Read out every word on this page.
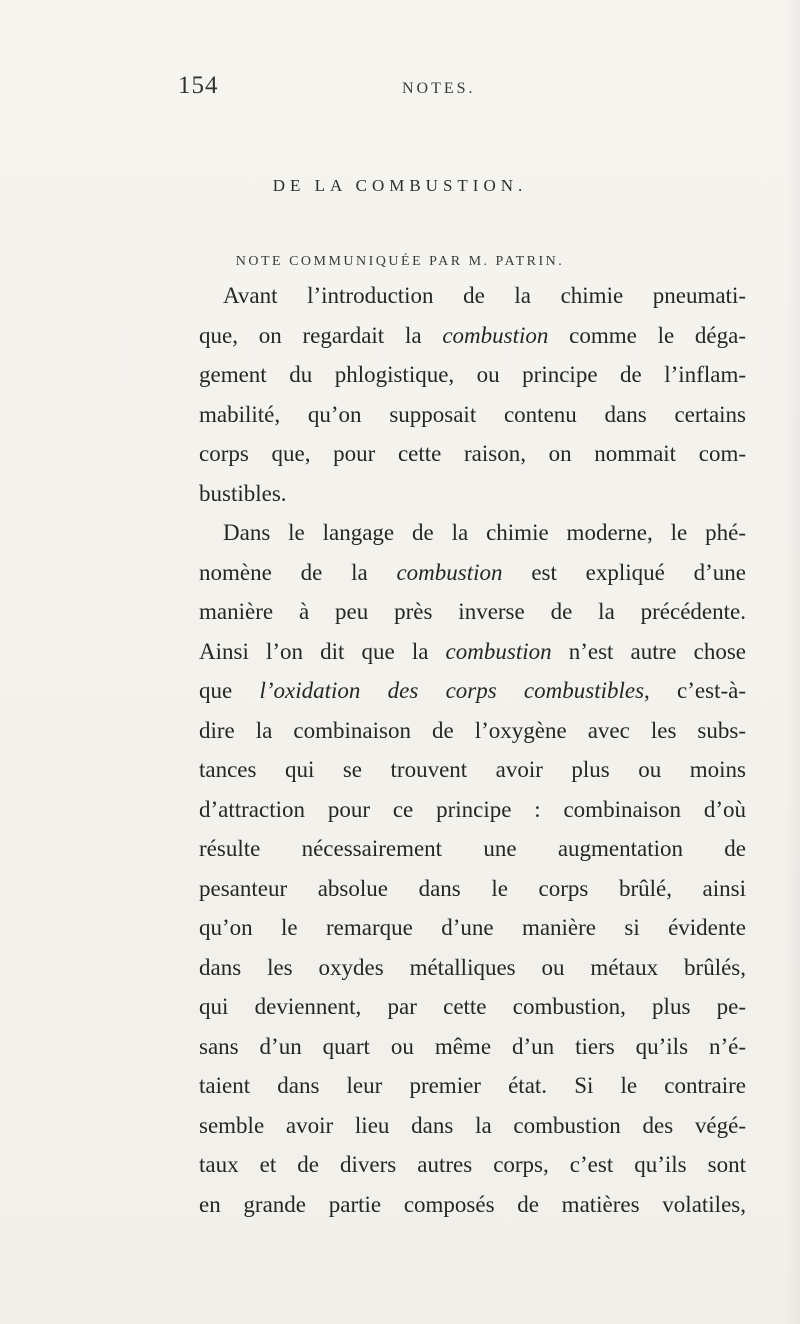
154	NOTES.
DE LA COMBUSTION.
NOTE COMMUNIQUÉE PAR M. PATRIN.
Avant l’introduction de la chimie pneumati-
que, on regardait la combustion comme le déga-
gement du phlogistique, ou principe de l’inflam-
mabilité, qu’on supposait contenu dans certains
corps que, pour cette raison, on nommait com-
bustibles.
Dans le langage de la chimie moderne, le phé-
nomène de la combustion est expliqué d’une
manière à peu près inverse de la précédente.
Ainsi l’on dit que la combustion n’est autre chose
que l’oxidation des corps combustibles, c’est-à-
dire la combinaison de l’oxygène avec les subs-
tances qui se trouvent avoir plus ou moins
d’attraction pour ce principe : combinaison d’où
résulte nécessairement une augmentation de
pesanteur absolue dans le corps brûlé, ainsi
qu’on le remarque d’une manière si évidente
dans les oxydes métalliques ou métaux brûlés,
qui deviennent, par cette combustion, plus pe-
sans d’un quart ou même d’un tiers qu’ils n’é-
taient dans leur premier état. Si le contraire
semble avoir lieu dans la combustion des végé-
taux et de divers autres corps, c’est qu’ils sont
en grande partie composés de matières volatiles,
